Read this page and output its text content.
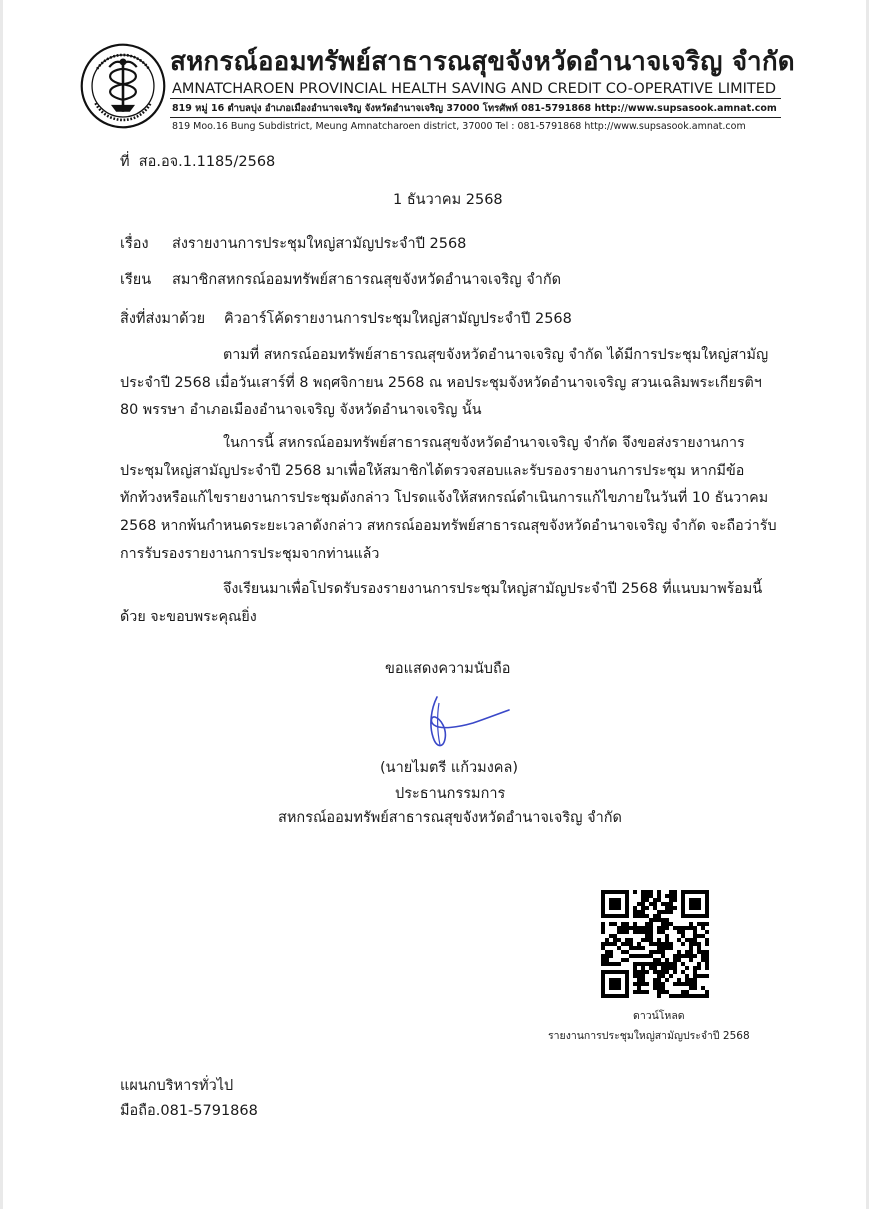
สหกรณ์ออมทรัพย์สาธารณสุขจังหวัดอำนาจเจริญ จำกัด
AMNATCHAROEN PROVINCIAL HEALTH SAVING AND CREDIT CO-OPERATIVE LIMITED
819 หมู่ 16 ตำบลบุ่ง อำเภอเมืองอำนาจเจริญ จังหวัดอำนาจเจริญ 37000 โทรศัพท์ 081-5791868 http://www.supsasook.amnat.com
819 Moo.16 Bung Subdistrict, Meung Amnatcharoen district, 37000 Tel : 081-5791868 http://www.supsasook.amnat.com
ที่ สอ.อจ.1.1185/2568
1 ธันวาคม 2568
เรื่อง ส่งรายงานการประชุมใหญ่สามัญประจำปี 2568
เรียน สมาชิกสหกรณ์ออมทรัพย์สาธารณสุขจังหวัดอำนาจเจริญ จำกัด
สิ่งที่ส่งมาด้วย คิวอาร์โค้ดรายงานการประชุมใหญ่สามัญประจำปี 2568
ตามที่ สหกรณ์ออมทรัพย์สาธารณสุขจังหวัดอำนาจเจริญ จำกัด ได้มีการประชุมใหญ่สามัญ
ประจำปี 2568 เมื่อวันเสาร์ที่ 8 พฤศจิกายน 2568 ณ หอประชุมจังหวัดอำนาจเจริญ สวนเฉลิมพระเกียรติฯ
80 พรรษา อำเภอเมืองอำนาจเจริญ จังหวัดอำนาจเจริญ นั้น
ในการนี้ สหกรณ์ออมทรัพย์สาธารณสุขจังหวัดอำนาจเจริญ จำกัด จึงขอส่งรายงานการ
ประชุมใหญ่สามัญประจำปี 2568 มาเพื่อให้สมาชิกได้ตรวจสอบและรับรองรายงานการประชุม หากมีข้อ
ทักท้วงหรือแก้ไขรายงานการประชุมดังกล่าว โปรดแจ้งให้สหกรณ์ดำเนินการแก้ไขภายในวันที่ 10 ธันวาคม
2568 หากพ้นกำหนดระยะเวลาดังกล่าว สหกรณ์ออมทรัพย์สาธารณสุขจังหวัดอำนาจเจริญ จำกัด จะถือว่ารับ
การรับรองรายงานการประชุมจากท่านแล้ว
จึงเรียนมาเพื่อโปรดรับรองรายงานการประชุมใหญ่สามัญประจำปี 2568 ที่แนบมาพร้อมนี้
ด้วย จะขอบพระคุณยิ่ง
ขอแสดงความนับถือ
(นายไมตรี แก้วมงคล)
ประธานกรรมการ
สหกรณ์ออมทรัพย์สาธารณสุขจังหวัดอำนาจเจริญ จำกัด
ดาวน์โหลด
รายงานการประชุมใหญ่สามัญประจำปี 2568
แผนกบริหารทั่วไป
มือถือ.081-5791868
